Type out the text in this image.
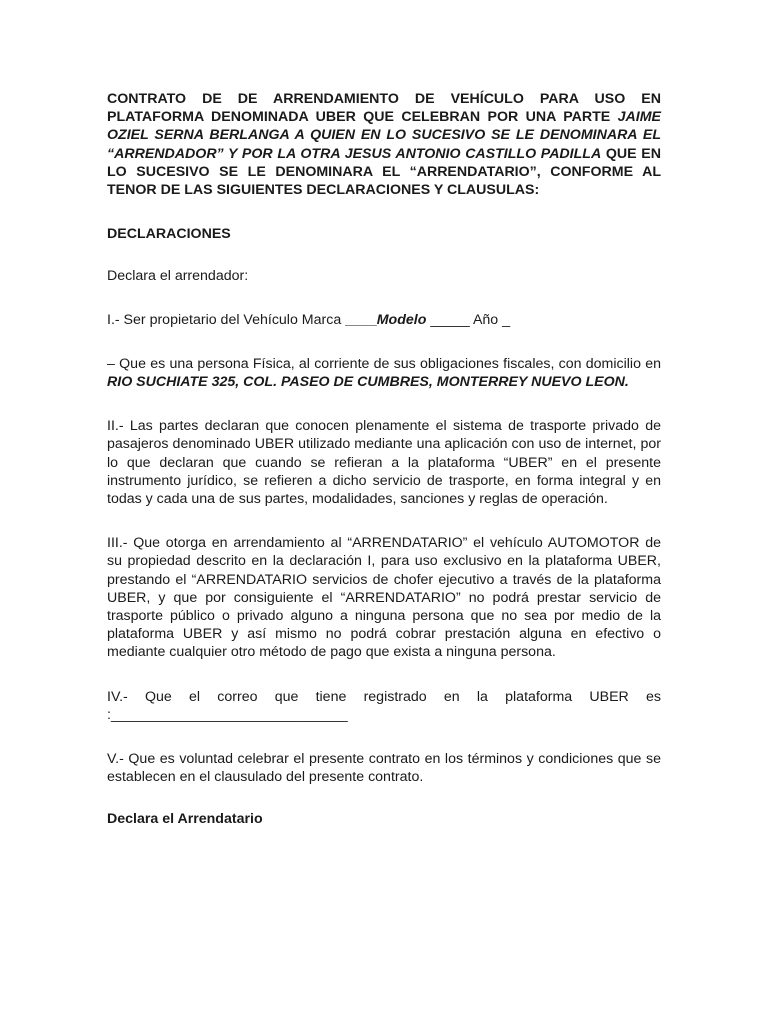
CONTRATO DE DE ARRENDAMIENTO DE VEHÍCULO PARA USO EN PLATAFORMA DENOMINADA UBER QUE CELEBRAN POR UNA PARTE JAIME OZIEL SERNA BERLANGA A QUIEN EN LO SUCESIVO SE LE DENOMINARA EL “ARRENDADOR” Y POR LA OTRA JESUS ANTONIO CASTILLO PADILLA QUE EN LO SUCESIVO SE LE DENOMINARA EL “ARRENDATARIO”, CONFORME AL TENOR DE LAS SIGUIENTES DECLARACIONES Y CLAUSULAS:

DECLARACIONES

Declara el arrendador:

I.- Ser propietario del Vehículo Marca ____Modelo _____ Año _

– Que es una persona Física, al corriente de sus obligaciones fiscales, con domicilio en RIO SUCHIATE 325, COL. PASEO DE CUMBRES, MONTERREY NUEVO LEON.

II.- Las partes declaran que conocen plenamente el sistema de trasporte privado de pasajeros denominado UBER utilizado mediante una aplicación con uso de internet, por lo que declaran que cuando se refieran a la plataforma “UBER” en el presente instrumento jurídico, se refieren a dicho servicio de trasporte, en forma integral y en todas y cada una de sus partes, modalidades, sanciones y reglas de operación.

III.- Que otorga en arrendamiento al “ARRENDATARIO” el vehículo AUTOMOTOR de su propiedad descrito en la declaración I, para uso exclusivo en la plataforma UBER, prestando el “ARRENDATARIO servicios de chofer ejecutivo a través de la plataforma UBER, y que por consiguiente el “ARRENDATARIO” no podrá prestar servicio de trasporte público o privado alguno a ninguna persona que no sea por medio de la plataforma UBER y así mismo no podrá cobrar prestación alguna en efectivo o mediante cualquier otro método de pago que exista a ninguna persona.

IV.- Que el correo que tiene registrado en la plataforma UBER es :______________________________

V.- Que es voluntad celebrar el presente contrato en los términos y condiciones que se establecen en el clausulado del presente contrato.

Declara el Arrendatario
